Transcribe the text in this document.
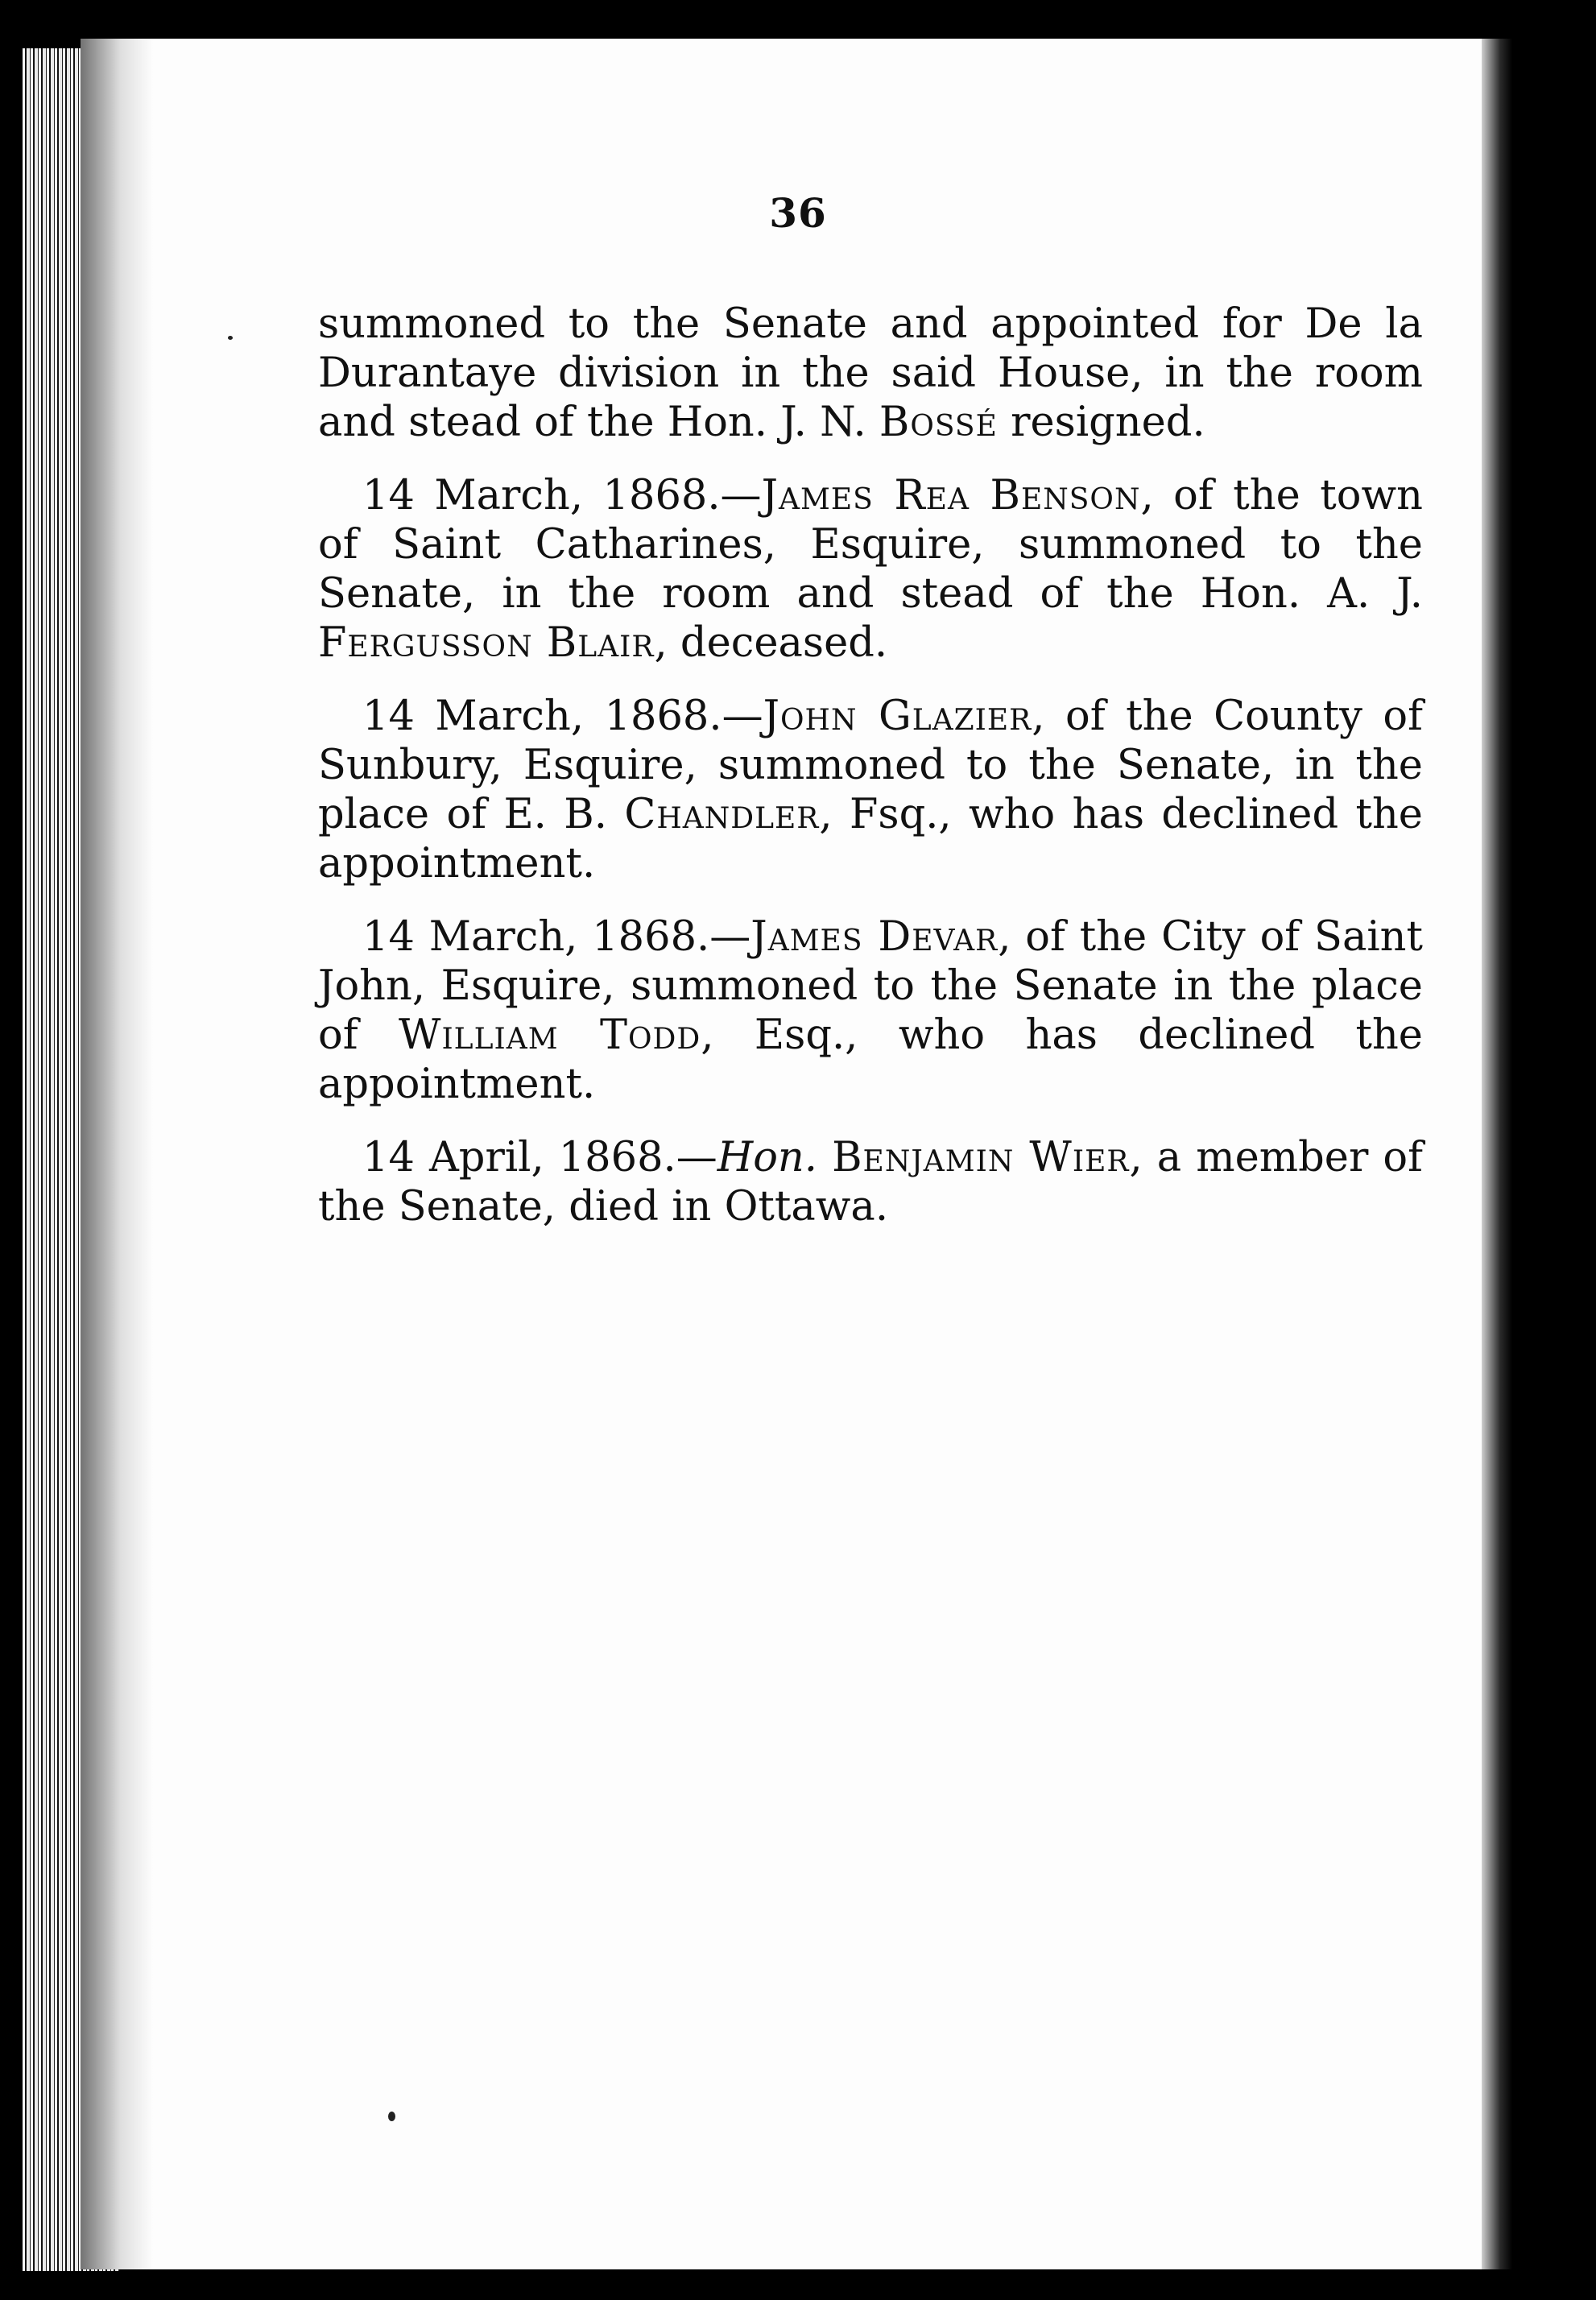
36

summoned to the Senate and appointed for De la Durantaye division in the said House, in the room and stead of the Hon. J. N. Bossé resigned.

14 March, 1868.—James Rea Benson, of the town of Saint Catharines, Esquire, summoned to the Senate, in the room and stead of the Hon. A. J. Fergusson Blair, deceased.

14 March, 1868.—John Glazier, of the County of Sunbury, Esquire, summoned to the Senate, in the place of E. B. Chandler, Fsq., who has declined the appointment.

14 March, 1868.—James Devar, of the City of Saint John, Esquire, summoned to the Senate in the place of William Todd, Esq., who has declined the appointment.

14 April, 1868.—Hon. Benjamin Wier, a member of the Senate, died in Ottawa.
